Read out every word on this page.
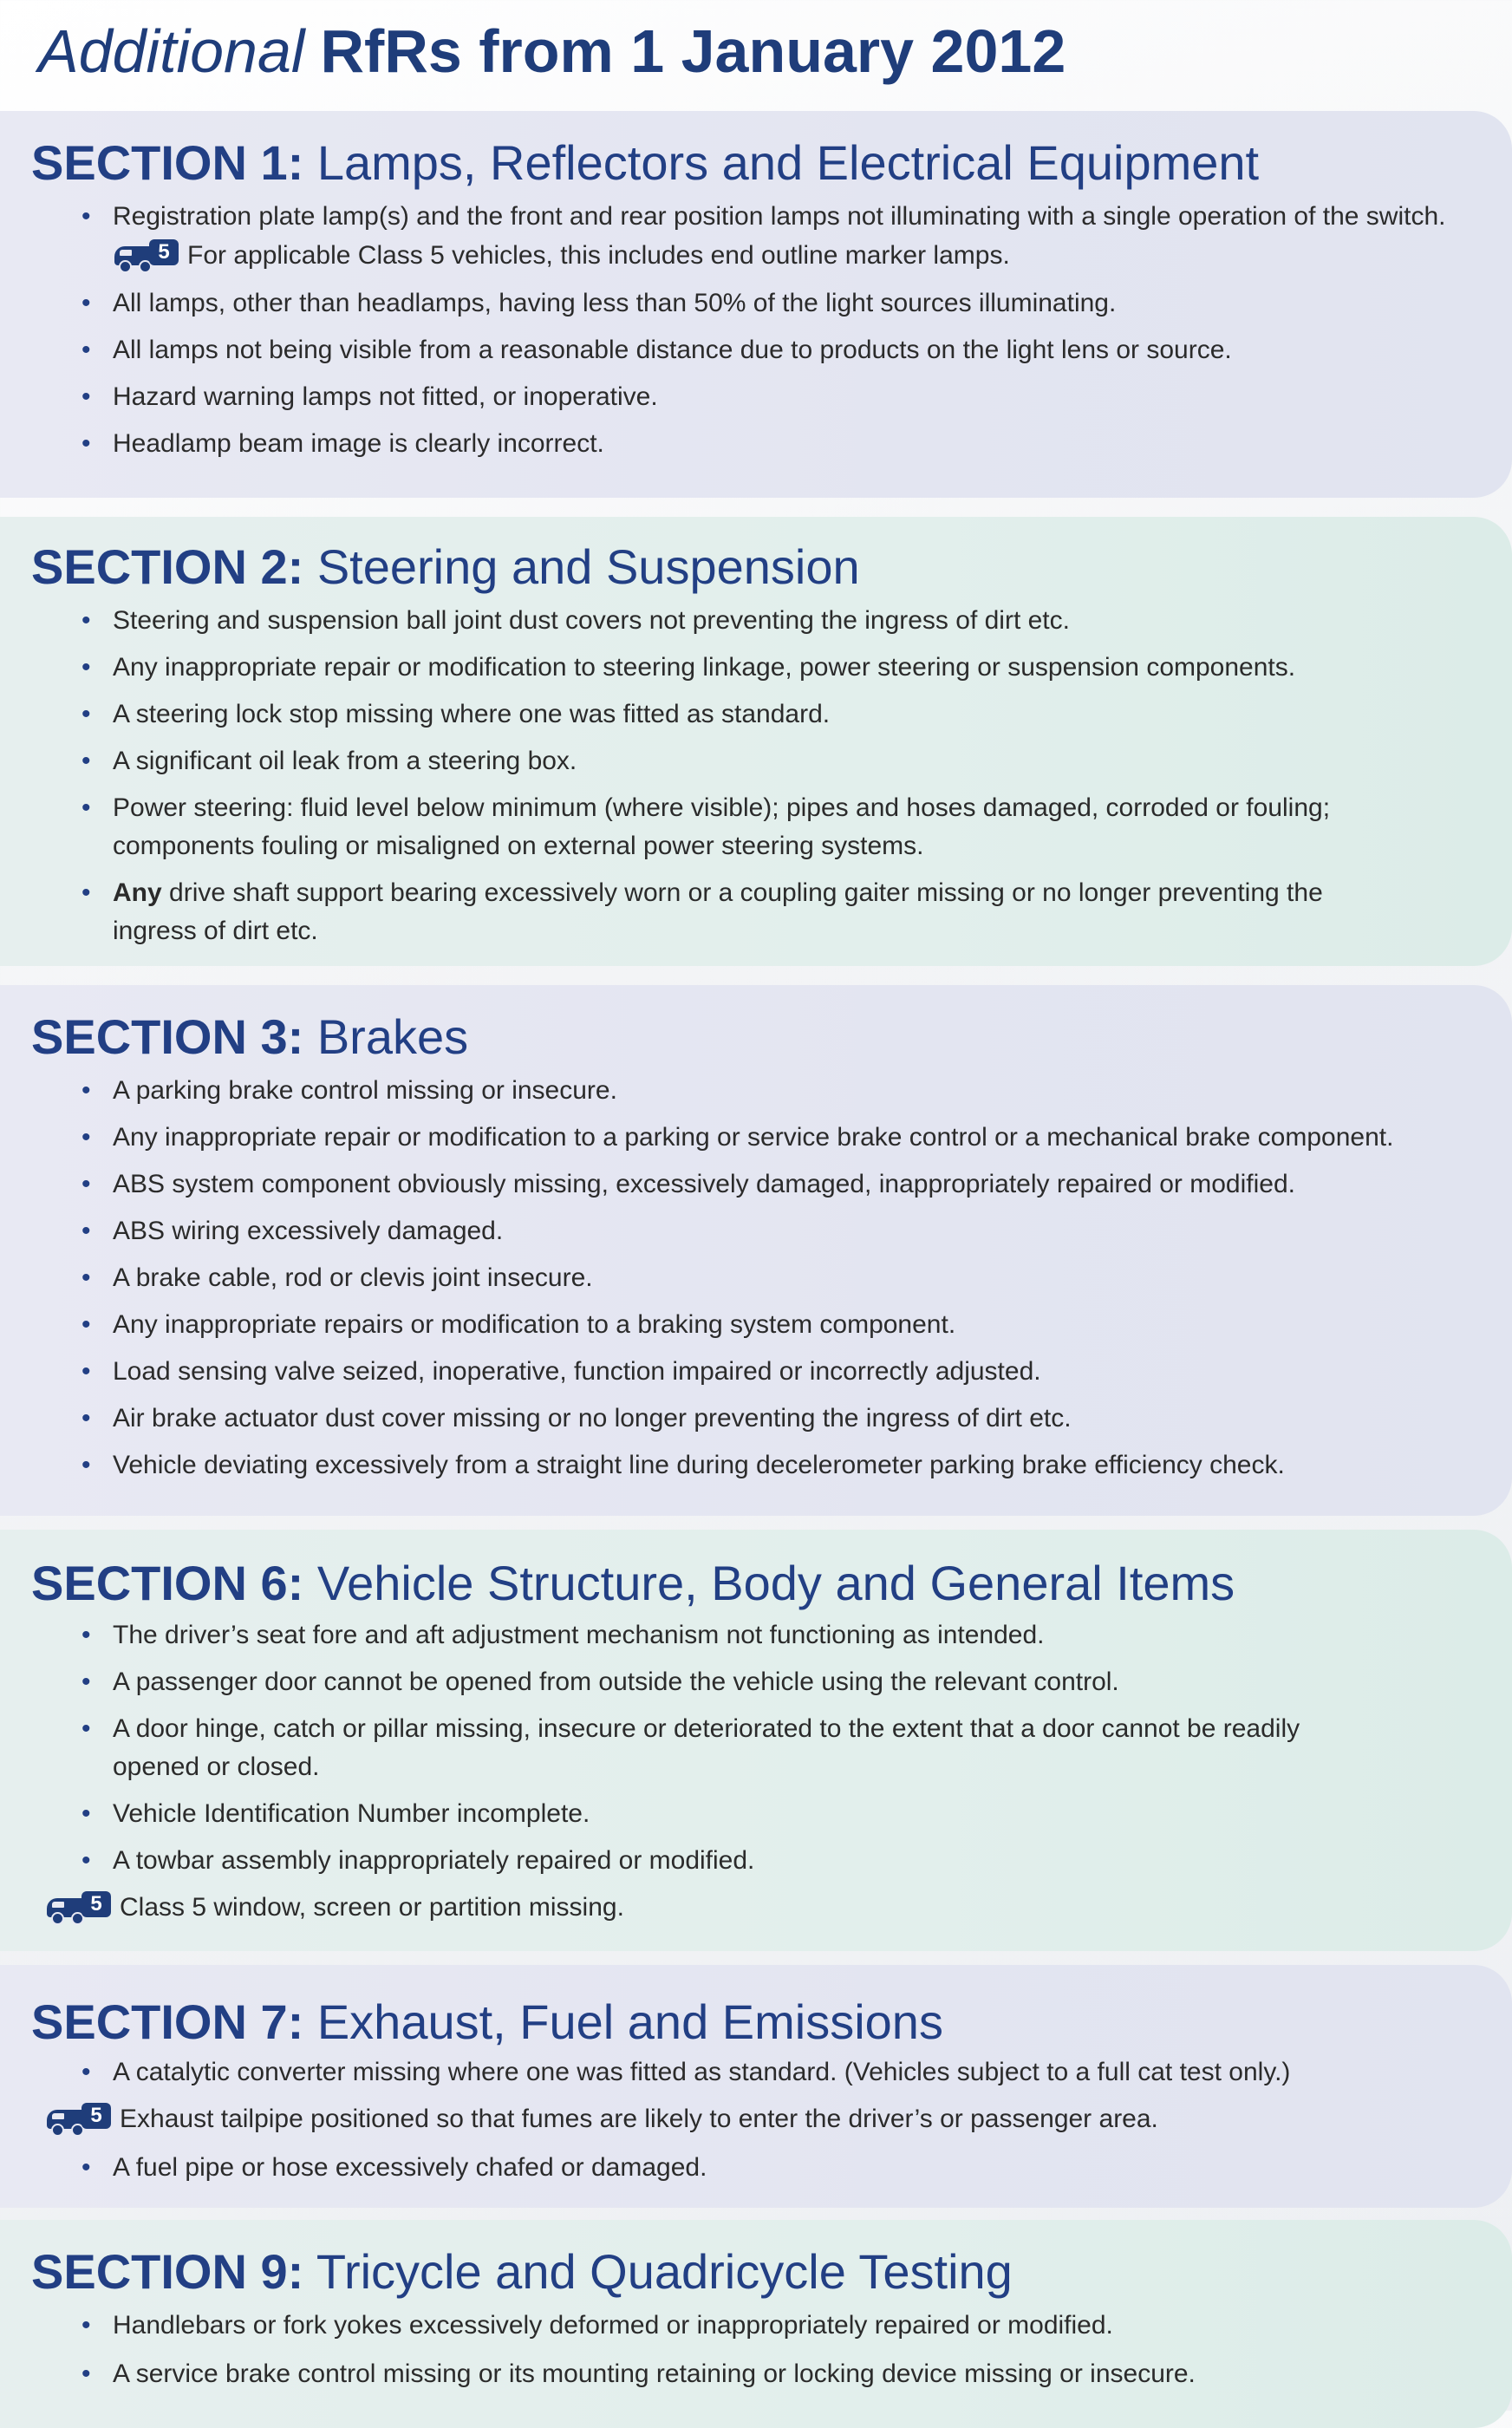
Additional RfRs from 1 January 2012
SECTION 1: Lamps, Reflectors and Electrical Equipment
• Registration plate lamp(s) and the front and rear position lamps not illuminating with a single operation of the switch.
5 For applicable Class 5 vehicles, this includes end outline marker lamps.
• All lamps, other than headlamps, having less than 50% of the light sources illuminating.
• All lamps not being visible from a reasonable distance due to products on the light lens or source.
• Hazard warning lamps not fitted, or inoperative.
• Headlamp beam image is clearly incorrect.
SECTION 2: Steering and Suspension
• Steering and suspension ball joint dust covers not preventing the ingress of dirt etc.
• Any inappropriate repair or modification to steering linkage, power steering or suspension components.
• A steering lock stop missing where one was fitted as standard.
• A significant oil leak from a steering box.
• Power steering: fluid level below minimum (where visible); pipes and hoses damaged, corroded or fouling; components fouling or misaligned on external power steering systems.
• Any drive shaft support bearing excessively worn or a coupling gaiter missing or no longer preventing the ingress of dirt etc.
SECTION 3: Brakes
• A parking brake control missing or insecure.
• Any inappropriate repair or modification to a parking or service brake control or a mechanical brake component.
• ABS system component obviously missing, excessively damaged, inappropriately repaired or modified.
• ABS wiring excessively damaged.
• A brake cable, rod or clevis joint insecure.
• Any inappropriate repairs or modification to a braking system component.
• Load sensing valve seized, inoperative, function impaired or incorrectly adjusted.
• Air brake actuator dust cover missing or no longer preventing the ingress of dirt etc.
• Vehicle deviating excessively from a straight line during decelerometer parking brake efficiency check.
SECTION 6: Vehicle Structure, Body and General Items
• The driver’s seat fore and aft adjustment mechanism not functioning as intended.
• A passenger door cannot be opened from outside the vehicle using the relevant control.
• A door hinge, catch or pillar missing, insecure or deteriorated to the extent that a door cannot be readily opened or closed.
• Vehicle Identification Number incomplete.
• A towbar assembly inappropriately repaired or modified.
5 Class 5 window, screen or partition missing.
SECTION 7: Exhaust, Fuel and Emissions
• A catalytic converter missing where one was fitted as standard. (Vehicles subject to a full cat test only.)
5 Exhaust tailpipe positioned so that fumes are likely to enter the driver’s or passenger area.
• A fuel pipe or hose excessively chafed or damaged.
SECTION 9: Tricycle and Quadricycle Testing
• Handlebars or fork yokes excessively deformed or inappropriately repaired or modified.
• A service brake control missing or its mounting retaining or locking device missing or insecure.
